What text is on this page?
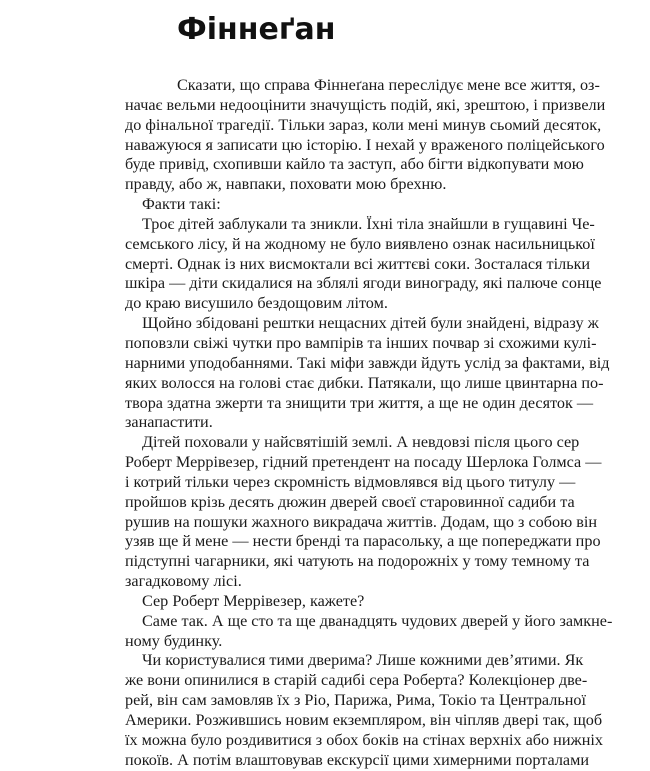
Фіннеґан
Сказати, що справа Фіннеґана переслідує мене все життя, оз-
начає вельми недооцінити значущість подій, які, зрештою, і призвели
до фінальної трагедії. Тільки зараз, коли мені минув сьомий десяток,
наважуюся я записати цю історію. І нехай у враженого поліцейського
буде привід, схопивши кайло та заступ, або бігти відкопувати мою
правду, або ж, навпаки, поховати мою брехню.
Факти такі:
Троє дітей заблукали та зникли. Їхні тіла знайшли в гущавині Че-
семського лісу, й на жодному не було виявлено ознак насильницької
смерті. Однак із них висмоктали всі життєві соки. Зосталася тільки
шкіра — діти скидалися на зблялі ягоди винограду, які палюче сонце
до краю висушило бездощовим літом.
Щойно збідовані рештки нещасних дітей були знайдені, відразу ж
поповзли свіжі чутки про вампірів та інших почвар зі схожими кулі-
нарними уподобаннями. Такі міфи завжди йдуть услід за фактами, від
яких волосся на голові стає дибки. Патякали, що лише цвинтарна по-
твора здатна зжерти та знищити три життя, а ще не один десяток —
занапастити.
Дітей поховали у найсвятішій землі. А невдовзі після цього сер
Роберт Меррівезер, гідний претендент на посаду Шерлока Голмса —
і котрий тільки через скромність відмовлявся від цього титулу —
пройшов крізь десять дюжин дверей своєї старовинної садиби та
рушив на пошуки жахного викрадача життів. Додам, що з собою він
узяв ще й мене — нести бренді та парасольку, а ще попереджати про
підступні чагарники, які чатують на подорожніх у тому темному та
загадковому лісі.
Сер Роберт Меррівезер, кажете?
Саме так. А ще сто та ще дванадцять чудових дверей у його замкне-
ному будинку.
Чи користувалися тими дверима? Лише кожними дев’ятими. Як
же вони опинилися в старій садибі сера Роберта? Колекціонер две-
рей, він сам замовляв їх з Ріо, Парижа, Рима, Токіо та Центральної
Америки. Розжившись новим екземпляром, він чіпляв двері так, щоб
їх можна було роздивитися з обох боків на стінах верхніх або нижніх
покоїв. А потім влаштовував екскурсії цими химерними порталами
